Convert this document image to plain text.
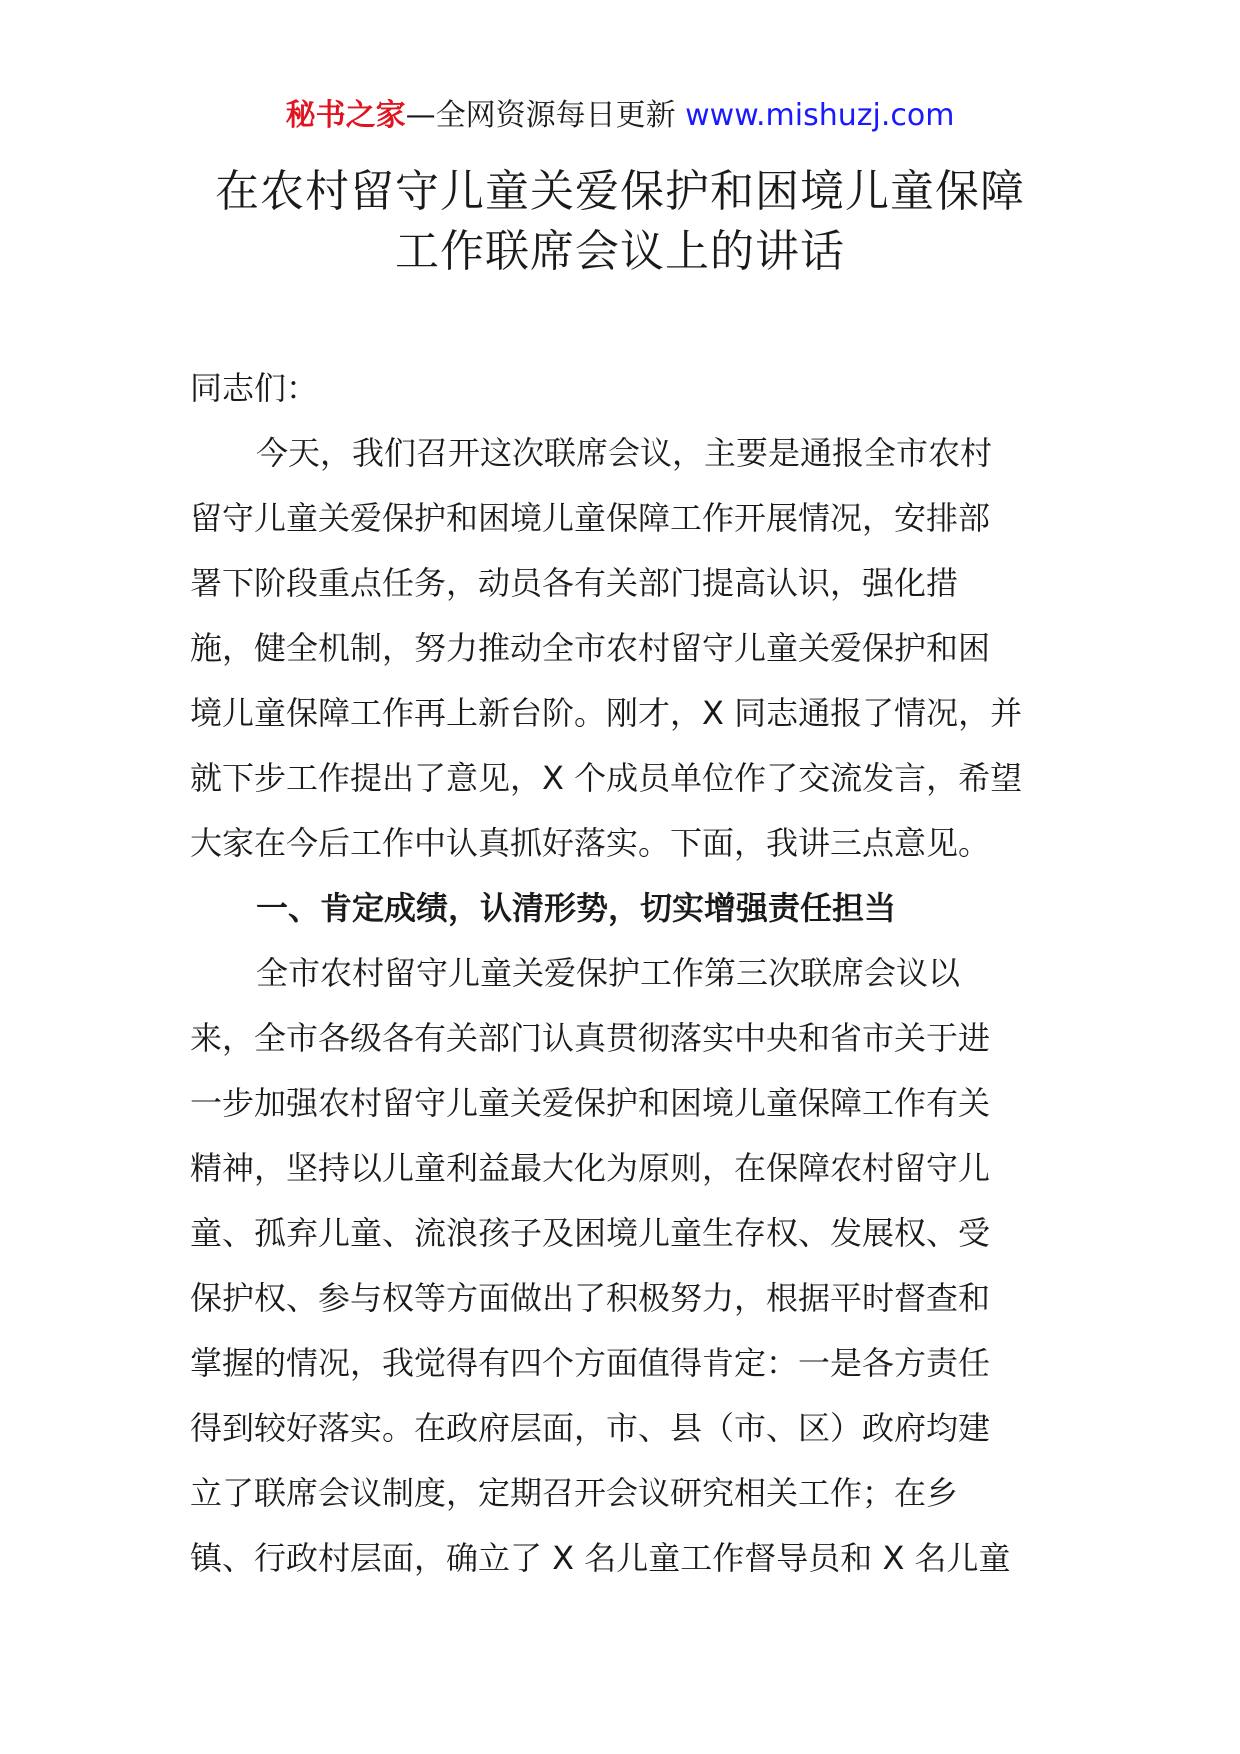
秘书之家—全网资源每日更新 www.mishuzj.com
在农村留守儿童关爱保护和困境儿童保障
工作联席会议上的讲话
同志们：
今天，我们召开这次联席会议，主要是通报全市农村
留守儿童关爱保护和困境儿童保障工作开展情况，安排部
署下阶段重点任务，动员各有关部门提高认识，强化措
施，健全机制，努力推动全市农村留守儿童关爱保护和困
境儿童保障工作再上新台阶。刚才，X 同志通报了情况，并
就下步工作提出了意见，X 个成员单位作了交流发言，希望
大家在今后工作中认真抓好落实。下面，我讲三点意见。
一、肯定成绩，认清形势，切实增强责任担当
全市农村留守儿童关爱保护工作第三次联席会议以
来，全市各级各有关部门认真贯彻落实中央和省市关于进
一步加强农村留守儿童关爱保护和困境儿童保障工作有关
精神，坚持以儿童利益最大化为原则，在保障农村留守儿
童、孤弃儿童、流浪孩子及困境儿童生存权、发展权、受
保护权、参与权等方面做出了积极努力，根据平时督查和
掌握的情况，我觉得有四个方面值得肯定：一是各方责任
得到较好落实。在政府层面，市、县（市、区）政府均建
立了联席会议制度，定期召开会议研究相关工作；在乡
镇、行政村层面，确立了 X 名儿童工作督导员和 X 名儿童
